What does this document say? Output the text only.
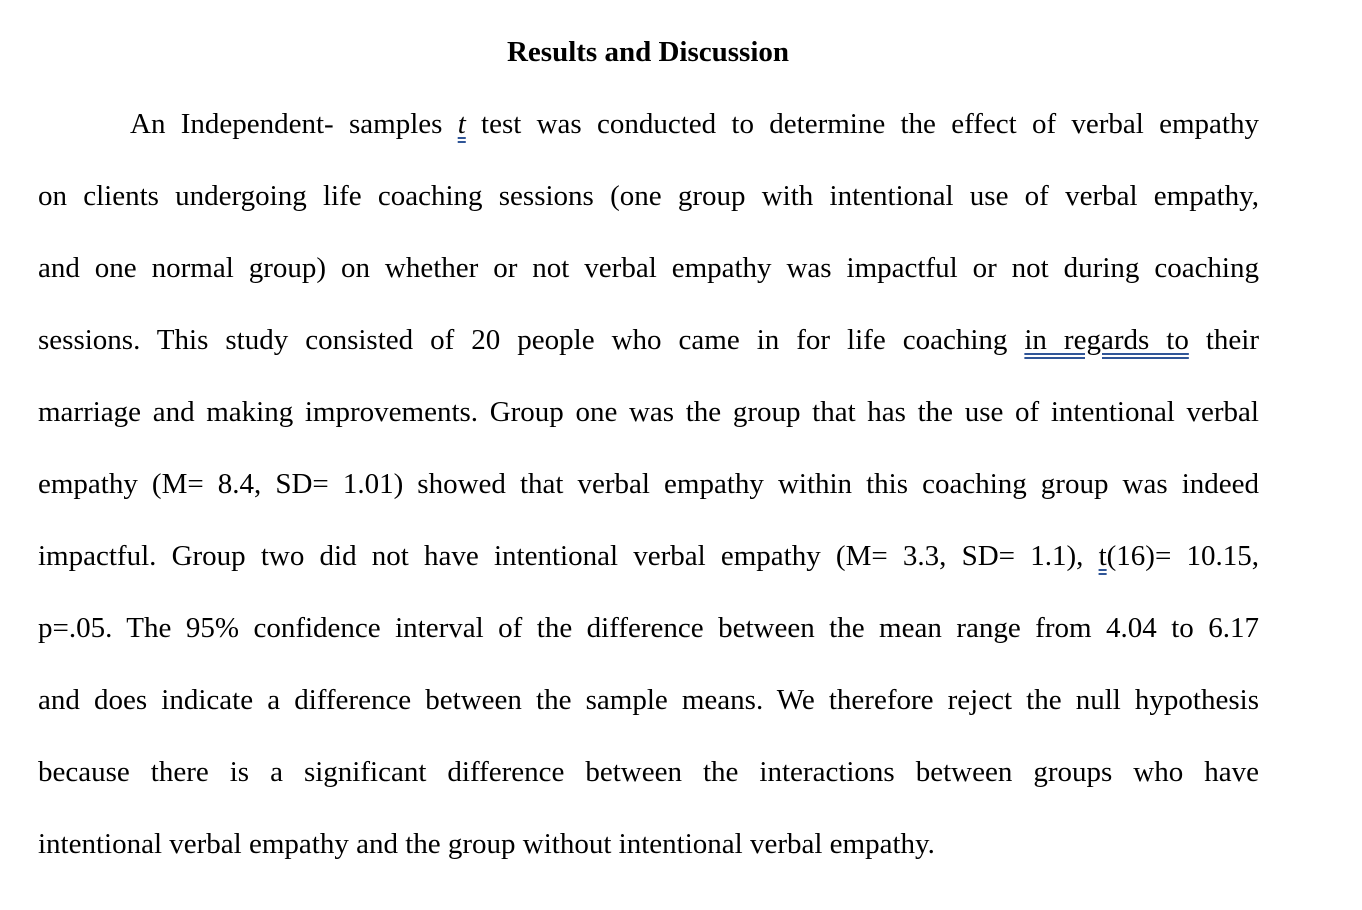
Results and Discussion
An Independent- samples t test was conducted to determine the effect of verbal empathy
on clients undergoing life coaching sessions (one group with intentional use of verbal empathy,
and one normal group) on whether or not verbal empathy was impactful or not during coaching
sessions. This study consisted of 20 people who came in for life coaching in regards to their
marriage and making improvements. Group one was the group that has the use of intentional verbal
empathy (M= 8.4, SD= 1.01) showed that verbal empathy within this coaching group was indeed
impactful. Group two did not have intentional verbal empathy (M= 3.3, SD= 1.1), t(16)= 10.15,
p=.05. The 95% confidence interval of the difference between the mean range from 4.04 to 6.17
and does indicate a difference between the sample means. We therefore reject the null hypothesis
because there is a significant difference between the interactions between groups who have
intentional verbal empathy and the group without intentional verbal empathy.
